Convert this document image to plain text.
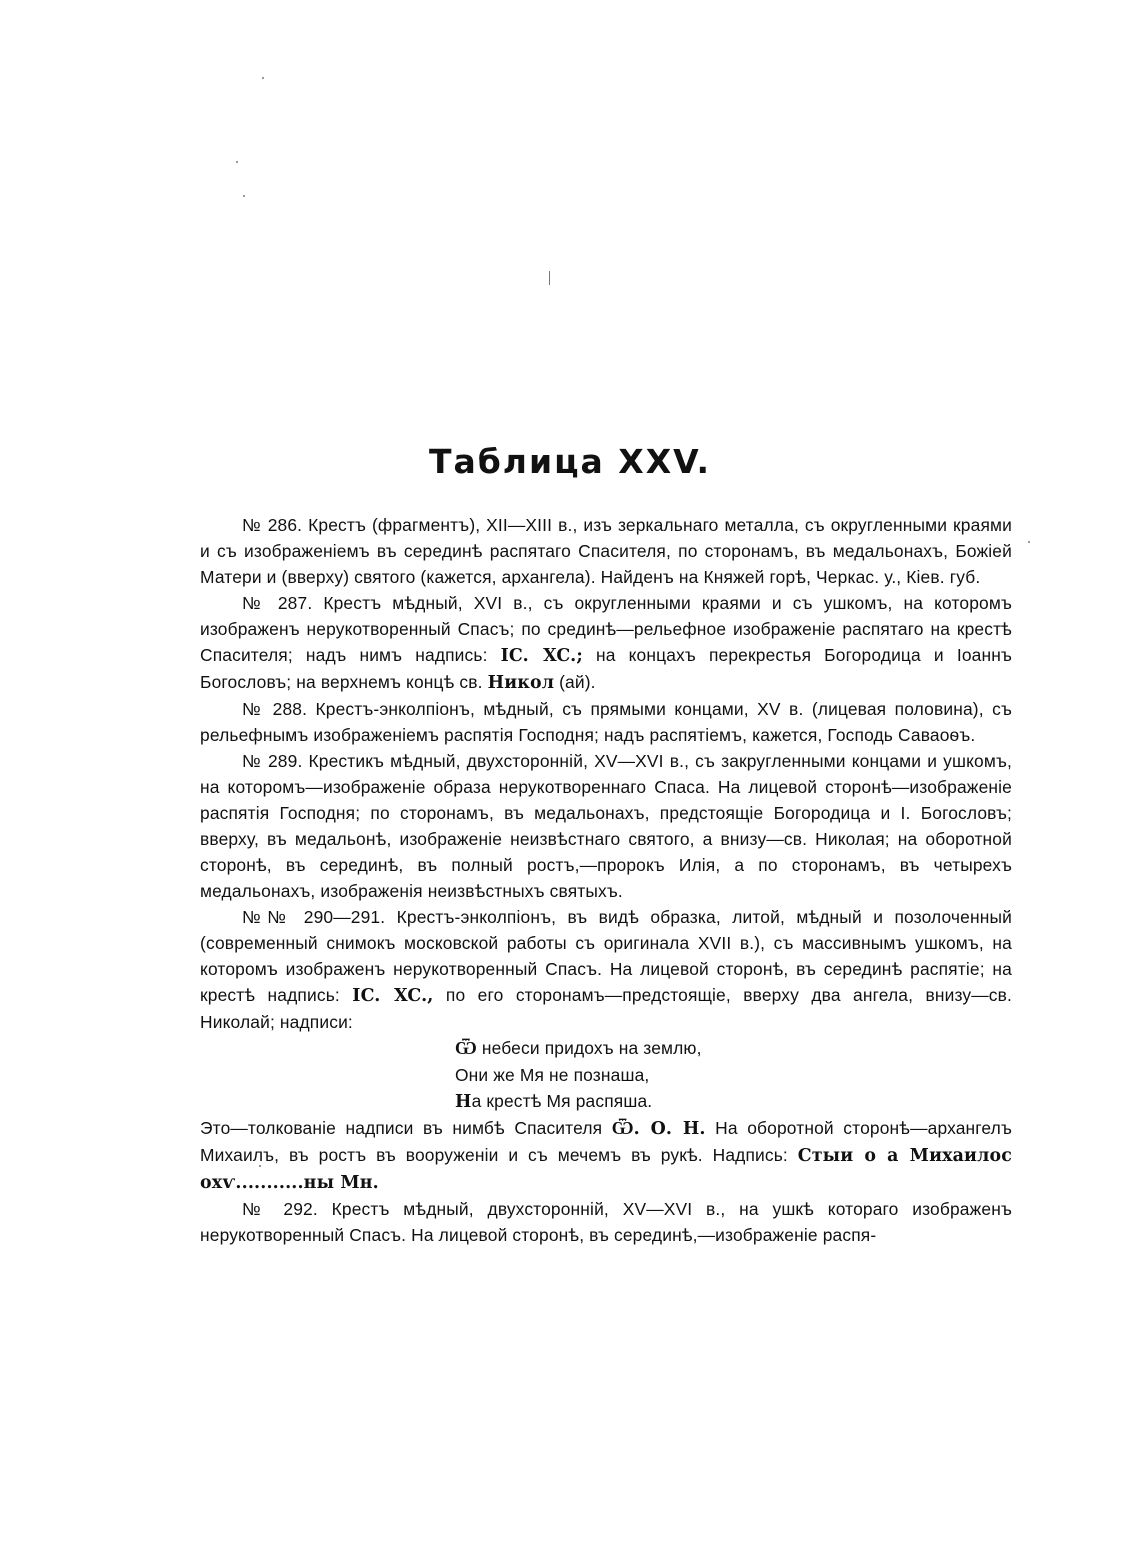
Таблица XXV.

№ 286. Крестъ (фрагментъ), XII—XIII в., изъ зеркальнаго металла, съ округленными краями и съ изображеніемъ въ серединѣ распятаго Спасителя, по сторонамъ, въ медальонахъ, Божіей Матери и (вверху) святого (кажется, архангела). Найденъ на Княжей горѣ, Черкас. у., Кіев. губ.

№ 287. Крестъ мѣдный, XVI в., съ округленными краями и съ ушкомъ, на которомъ изображенъ нерукотворенный Спасъ; по срединѣ—рельефное изображеніе распятаго на крестѣ Спасителя; надъ нимъ надпись: IC. XC.; на концахъ перекрестья Богородица и Іоаннъ Богословъ; на верхнемъ концѣ св. Никол (ай).

№ 288. Крестъ-энколпіонъ, мѣдный, съ прямыми концами, XV в. (лицевая половина), съ рельефнымъ изображеніемъ распятія Господня; надъ распятіемъ, кажется, Господь Саваоѳъ.

№ 289. Крестикъ мѣдный, двухсторонній, XV—XVI в., съ закругленными концами и ушкомъ, на которомъ—изображеніе образа нерукотвореннаго Спаса. На лицевой сторонѣ—изображеніе распятія Господня; по сторонамъ, въ медальонахъ, предстоящіе Богородица и І. Богословъ; вверху, въ медальонѣ, изображеніе неизвѣстнаго святого, а внизу—св. Николая; на оборотной сторонѣ, въ серединѣ, въ полный ростъ,—пророкъ Илія, а по сторонамъ, въ четырехъ медальонахъ, изображенія неизвѣстныхъ святыхъ.

№№ 290—291. Крестъ-энколпіонъ, въ видѣ образка, литой, мѣдный и позолоченный (современный снимокъ московской работы съ оригинала XVII в.), съ массивнымъ ушкомъ, на которомъ изображенъ нерукотворенный Спасъ. На лицевой сторонѣ, въ серединѣ распятіе; на крестѣ надпись: IC. XC., по его сторонамъ—предстоящіе, вверху два ангела, внизу—св. Николай; надписи:

Ѿ небеси придохъ на землю,
Они же Мя не познаша,
На крестѣ Мя распяша.

Это—толкованіе надписи въ нимбѣ Спасителя Ѿ. О. Н. На оборотной сторонѣ—архангелъ Михаилъ, въ ростъ въ вооруженіи и съ мечемъ въ рукѣ. Надпись: Стыи о а Михаилос охѵ...........ны Мн.

№ 292. Крестъ мѣдный, двухсторонній, XV—XVI в., на ушкѣ котораго изображенъ нерукотворенный Спасъ. На лицевой сторонѣ, въ серединѣ,—изображеніе распя-
